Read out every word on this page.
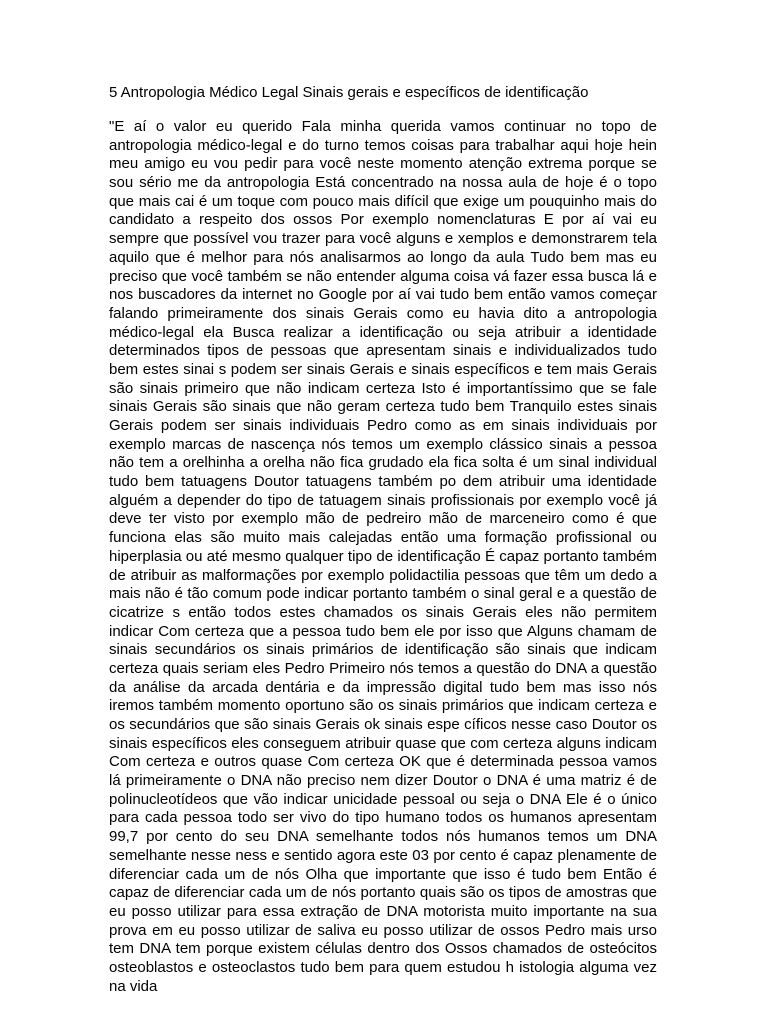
5 Antropologia Médico Legal Sinais gerais e específicos de identificação

"E aí o valor eu querido Fala minha querida vamos continuar no topo de antropologia médico-legal e do turno temos coisas para trabalhar aqui hoje hein meu amigo eu vou pedir para você neste momento atenção extrema porque se sou sério me da antropologia Está concentrado na nossa aula de hoje é o topo que mais cai é um toque com pouco mais difícil que exige um pouquinho mais do candidato a respeito dos ossos Por exemplo nomenclaturas E por aí vai eu sempre que possível vou trazer para você alguns e xemplos e demonstrarem tela aquilo que é melhor para nós analisarmos ao longo da aula Tudo bem mas eu preciso que você também se não entender alguma coisa vá fazer essa busca lá e nos buscadores da internet no Google por aí vai tudo bem então vamos começar falando primeiramente dos sinais Gerais como eu havia dito a antropologia médico-legal ela Busca realizar a identificação ou seja atribuir a identidade determinados tipos de pessoas que apresentam sinais e individualizados tudo bem estes sinai s podem ser sinais Gerais e sinais específicos e tem mais Gerais são sinais primeiro que não indicam certeza Isto é importantíssimo que se fale sinais Gerais são sinais que não geram certeza tudo bem Tranquilo estes sinais Gerais podem ser sinais individuais Pedro como as em sinais individuais por exemplo marcas de nascença nós temos um exemplo clássico sinais a pessoa não tem a orelhinha a orelha não fica grudado ela fica solta é um sinal individual tudo bem tatuagens Doutor tatuagens também po dem atribuir uma identidade alguém a depender do tipo de tatuagem sinais profissionais por exemplo você já deve ter visto por exemplo mão de pedreiro mão de marceneiro como é que funciona elas são muito mais calejadas então uma formação profissional ou hiperplasia ou até mesmo qualquer tipo de identificação É capaz portanto também de atribuir as malformações por exemplo polidactilia pessoas que têm um dedo a mais não é tão comum pode indicar portanto também o sinal geral e a questão de cicatrize s então todos estes chamados os sinais Gerais eles não permitem indicar Com certeza que a pessoa tudo bem ele por isso que Alguns chamam de sinais secundários os sinais primários de identificação são sinais que indicam certeza quais seriam eles Pedro Primeiro nós temos a questão do DNA a questão da análise da arcada dentária e da impressão digital tudo bem mas isso nós iremos também momento oportuno são os sinais primários que indicam certeza e os secundários que são sinais Gerais ok sinais espe cíficos nesse caso Doutor os sinais específicos eles conseguem atribuir quase que com certeza alguns indicam Com certeza e outros quase Com certeza OK que é determinada pessoa vamos lá primeiramente o DNA não preciso nem dizer Doutor o DNA é uma matriz é de polinucleotídeos que vão indicar unicidade pessoal ou seja o DNA Ele é o único para cada pessoa todo ser vivo do tipo humano todos os humanos apresentam 99,7 por cento do seu DNA semelhante todos nós humanos temos um DNA semelhante nesse ness e sentido agora este 03 por cento é capaz plenamente de diferenciar cada um de nós Olha que importante que isso é tudo bem Então é capaz de diferenciar cada um de nós portanto quais são os tipos de amostras que eu posso utilizar para essa extração de DNA motorista muito importante na sua prova em eu posso utilizar de saliva eu posso utilizar de ossos Pedro mais urso tem DNA tem porque existem células dentro dos Ossos chamados de osteócitos osteoblastos e osteoclastos tudo bem para quem estudou h istologia alguma vez na vida
